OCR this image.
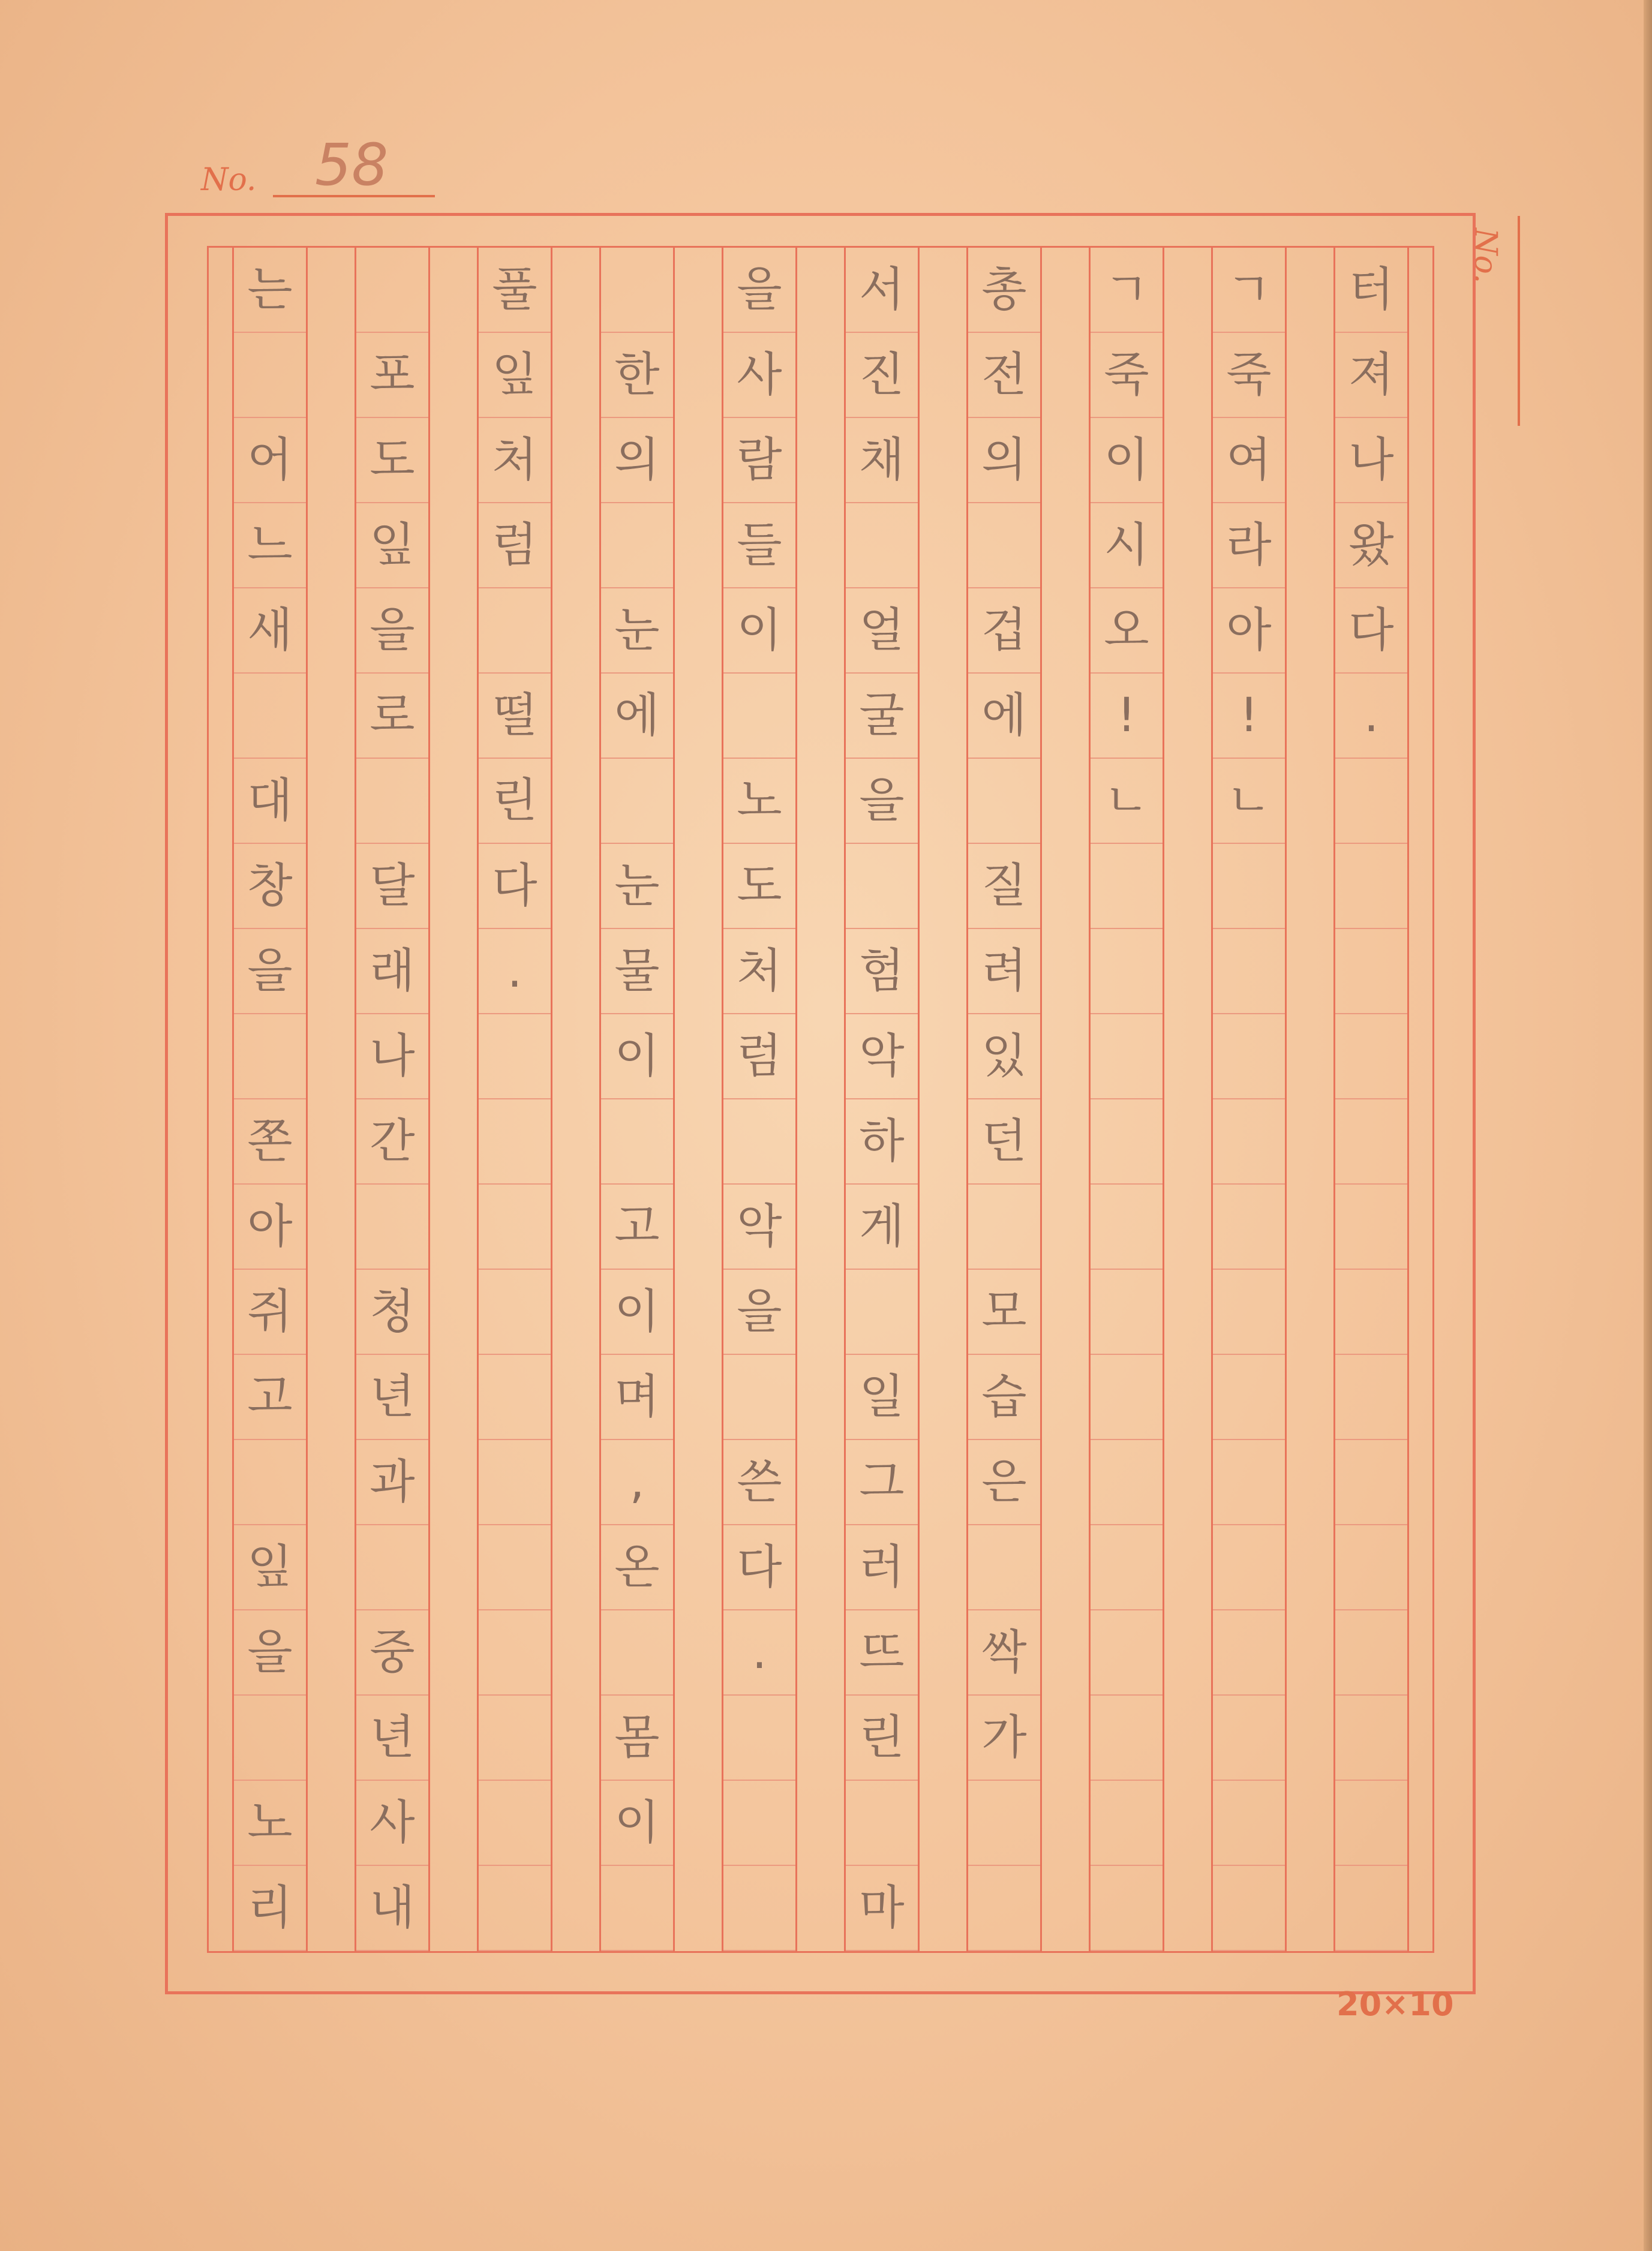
No.	58
No.
터
져
나
왔
다
.
ㄱ
죽
여
라
아
!
ㄴ
ㄱ
죽
이
시
오
!
ㄴ
총
전
의
겁
에
질
려
있
던
모
습
은
싹
가
서
진
채
얼
굴
을
험
악
하
게
일
그
러
뜨
린
마
을
사
람
들
이
노
도
처
럼
악
을
쓴
다
.
한
의
눈
에
눈
물
이
고
이
며
,
온
몸
이
풀
잎
처
럼
떨
린
다
.
포
도
잎
을
로
달
래
나
간
청
년
과
중
년
사
내
는
어
느
새
대
창
을
쫀
아
쥐
고
잎
을
노
리
20×10
